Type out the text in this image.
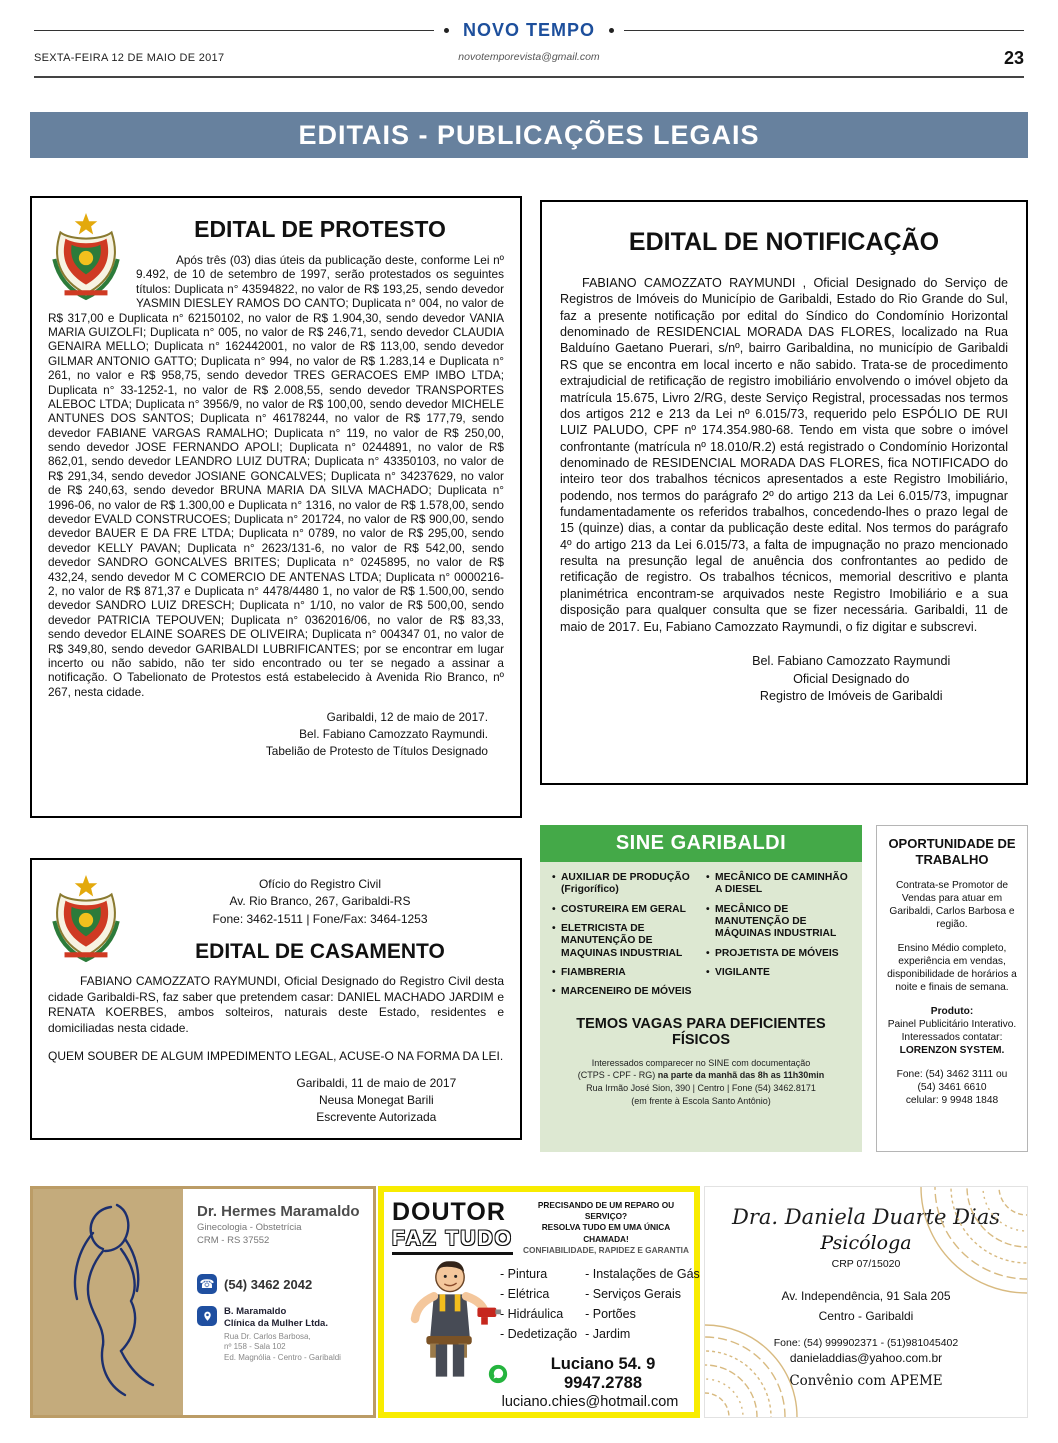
NOVO TEMPO
SEXTA-FEIRA 12 DE MAIO DE 2017	novotemporevista@gmail.com	23
EDITAIS - PUBLICAÇÕES LEGAIS
EDITAL DE PROTESTO
Após três (03) dias úteis da publicação deste, conforme Lei nº 9.492, de 10 de setembro de 1997, serão protestados os seguintes títulos: Duplicata n° 43594822, no valor de R$ 193,25, sendo devedor YASMIN DIESLEY RAMOS DO CANTO; Duplicata n° 004, no valor de R$ 317,00 e Duplicata n° 62150102, no valor de R$ 1.904,30, sendo devedor VANIA MARIA GUIZOLFI; Duplicata n° 005, no valor de R$ 246,71, sendo devedor CLAUDIA GENAIRA MELLO; Duplicata n° 162442001, no valor de R$ 113,00, sendo devedor GILMAR ANTONIO GATTO; Duplicata n° 994, no valor de R$ 1.283,14 e Duplicata n° 261, no valor e R$ 958,75, sendo devedor TRES GERACOES EMP IMBO LTDA; Duplicata n° 33-1252-1, no valor de R$ 2.008,55, sendo devedor TRANSPORTES ALEBOC LTDA; Duplicata n° 3956/9, no valor de R$ 100,00, sendo devedor MICHELE ANTUNES DOS SANTOS; Duplicata n° 46178244, no valor de R$ 177,79, sendo devedor FABIANE VARGAS RAMALHO; Duplicata n° 119, no valor de R$ 250,00, sendo devedor JOSE FERNANDO APOLI; Duplicata n° 0244891, no valor de R$ 862,01, sendo devedor LEANDRO LUIZ DUTRA; Duplicata n° 43350103, no valor de R$ 291,34, sendo devedor JOSIANE GONCALVES; Duplicata n° 34237629, no valor de R$ 240,63, sendo devedor BRUNA MARIA DA SILVA MACHADO; Duplicata n° 1996-06, no valor de R$ 1.300,00 e Duplicata n° 1316, no valor de R$ 1.578,00, sendo devedor EVALD CONSTRUCOES; Duplicata n° 201724, no valor de R$ 900,00, sendo devedor BAUER E DA FRE LTDA; Duplicata n° 0789, no valor de R$ 295,00, sendo devedor KELLY PAVAN; Duplicata n° 2623/131-6, no valor de R$ 542,00, sendo devedor SANDRO GONCALVES BRITES; Duplicata n° 0245895, no valor de R$ 432,24, sendo devedor M C COMERCIO DE ANTENAS LTDA; Duplicata n° 0000216-2, no valor de R$ 871,37 e Duplicata n° 4478/4480 1, no valor de R$ 1.500,00, sendo devedor SANDRO LUIZ DRESCH; Duplicata n° 1/10, no valor de R$ 500,00, sendo devedor PATRICIA TEPOUVEN; Duplicata n° 0362016/06, no valor de R$ 83,33, sendo devedor ELAINE SOARES DE OLIVEIRA; Duplicata n° 004347 01, no valor de R$ 349,80, sendo devedor GARIBALDI LUBRIFICANTES; por se encontrar em lugar incerto ou não sabido, não ter sido encontrado ou ter se negado a assinar a notificação. O Tabelionato de Protestos está estabelecido à Avenida Rio Branco, nº 267, nesta cidade.
Garibaldi, 12 de maio de 2017.
Bel. Fabiano Camozzato Raymundi.
Tabelião de Protesto de Títulos Designado
EDITAL DE NOTIFICAÇÃO
FABIANO CAMOZZATO RAYMUNDI , Oficial Designado do Serviço de Registros de Imóveis do Município de Garibaldi, Estado do Rio Grande do Sul, faz a presente notificação por edital do Síndico do Condomínio Horizontal denominado de RESIDENCIAL MORADA DAS FLORES, localizado na Rua Balduíno Gaetano Puerari, s/nº, bairro Garibaldina, no município de Garibaldi RS que se encontra em local incerto e não sabido. Trata-se de procedimento extrajudicial de retificação de registro imobiliário envolvendo o imóvel objeto da matrícula 15.675, Livro 2/RG, deste Serviço Registral, processadas nos termos dos artigos 212 e 213 da Lei nº 6.015/73, requerido pelo ESPÓLIO DE RUI LUIZ PALUDO, CPF nº 174.354.980-68. Tendo em vista que sobre o imóvel confrontante (matrícula nº 18.010/R.2) está registrado o Condomínio Horizontal denominado de RESIDENCIAL MORADA DAS FLORES, fica NOTIFICADO do inteiro teor dos trabalhos técnicos apresentados a este Registro Imobiliário, podendo, nos termos do parágrafo 2º do artigo 213 da Lei 6.015/73, impugnar fundamentadamente os referidos trabalhos, concedendo-lhes o prazo legal de 15 (quinze) dias, a contar da publicação deste edital. Nos termos do parágrafo 4º do artigo 213 da Lei 6.015/73, a falta de impugnação no prazo mencionado resulta na presunção legal de anuência dos confrontantes ao pedido de retificação de registro. Os trabalhos técnicos, memorial descritivo e planta planimétrica encontram-se arquivados neste Registro Imobiliário e a sua disposição para qualquer consulta que se fizer necessária. Garibaldi, 11 de maio de 2017. Eu, Fabiano Camozzato Raymundi, o fiz digitar e subscrevi.
Bel. Fabiano Camozzato Raymundi
Oficial Designado do
Registro de Imóveis de Garibaldi
Ofício do Registro Civil
Av. Rio Branco, 267, Garibaldi-RS
Fone: 3462-1511 | Fone/Fax: 3464-1253
EDITAL DE CASAMENTO
FABIANO CAMOZZATO RAYMUNDI, Oficial Designado do Registro Civil desta cidade Garibaldi-RS, faz saber que pretendem casar: DANIEL MACHADO JARDIM e RENATA KOERBES, ambos solteiros, naturais deste Estado, residentes e domiciliadas nesta cidade.
QUEM SOUBER DE ALGUM IMPEDIMENTO LEGAL, ACUSE-O NA FORMA DA LEI.
Garibaldi, 11 de maio de 2017
Neusa Monegat Barili
Escrevente Autorizada
SINE GARIBALDI
• AUXILIAR DE PRODUÇÃO (Frigorífico)
• COSTUREIRA EM GERAL
• ELETRICISTA DE MANUTENÇÃO DE MAQUINAS INDUSTRIAL
• FIAMBRERIA
• MARCENEIRO DE MÓVEIS
• MECÂNICO DE CAMINHÃO A DIESEL
• MECÂNICO DE MANUTENÇÃO DE MÁQUINAS INDUSTRIAL
• PROJETISTA DE MÓVEIS
• VIGILANTE
TEMOS VAGAS PARA DEFICIENTES FÍSICOS
Interessados comparecer no SINE com documentação
(CTPS - CPF - RG) na parte da manhã das 8h as 11h30min
Rua Irmão José Sion, 390 | Centro | Fone (54) 3462.8171
(em frente à Escola Santo Antônio)
OPORTUNIDADE DE TRABALHO
Contrata-se Promotor de Vendas para atuar em Garibaldi, Carlos Barbosa e região.
Ensino Médio completo, experiência em vendas, disponibilidade de horários a noite e finais de semana.
Produto:
Painel Publicitário Interativo. Interessados contatar:
LORENZON SYSTEM.
Fone: (54) 3462 3111 ou
(54) 3461 6610
celular: 9 9948 1848
Dr. Hermes Maramaldo
Ginecologia - Obstetrícia
CRM - RS 37552
☎ (54) 3462 2042
B. Maramaldo
Clínica da Mulher Ltda.
Rua Dr. Carlos Barbosa,
nº 158 - Sala 102
Ed. Magnólia - Centro - Garibaldi
DOUTOR
FAZ TUDO
PRECISANDO DE UM REPARO OU SERVIÇO?
RESOLVA TUDO EM UMA ÚNICA CHAMADA!
CONFIABILIDADE, RAPIDEZ E GARANTIA
- Pintura
- Elétrica
- Hidráulica
- Dedetização
- Instalações de Gás
- Serviços Gerais
- Portões
- Jardim
Luciano 54. 9 9947.2788
luciano.chies@hotmail.com
Dra. Daniela Duarte Dias
Psicóloga
CRP 07/15020
Av. Independência, 91 Sala 205
Centro - Garibaldi
Fone: (54) 999902371 - (51)981045402
danieladdias@yahoo.com.br
Convênio com APEME
